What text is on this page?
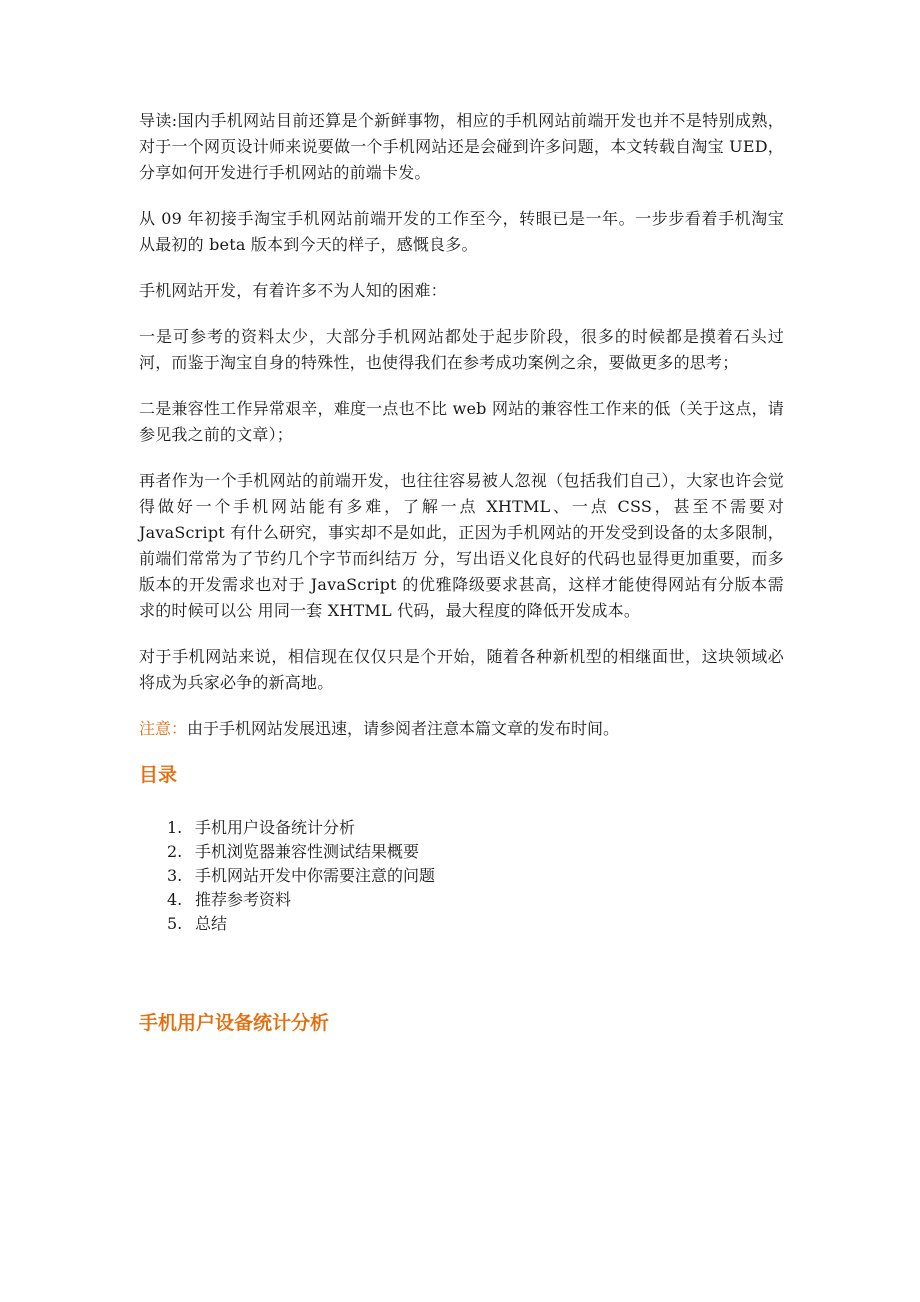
导读:国内手机网站目前还算是个新鲜事物，相应的手机网站前端开发也并不是特别成熟，对于一个网页设计师来说要做一个手机网站还是会碰到许多问题，本文转载自淘宝 UED，分享如何开发进行手机网站的前端卡发。

从 09 年初接手淘宝手机网站前端开发的工作至今，转眼已是一年。一步步看着手机淘宝从最初的 beta 版本到今天的样子，感慨良多。

手机网站开发，有着许多不为人知的困难：

一是可参考的资料太少，大部分手机网站都处于起步阶段，很多的时候都是摸着石头过河，而鉴于淘宝自身的特殊性，也使得我们在参考成功案例之余，要做更多的思考；

二是兼容性工作异常艰辛，难度一点也不比 web 网站的兼容性工作来的低（关于这点，请参见我之前的文章）；

再者作为一个手机网站的前端开发，也往往容易被人忽视（包括我们自己），大家也许会觉得做好一个手机网站能有多难，了解一点 XHTML、一点 CSS，甚至不需要对 JavaScript 有什么研究，事实却不是如此，正因为手机网站的开发受到设备的太多限制，前端们常常为了节约几个字节而纠结万 分，写出语义化良好的代码也显得更加重要，而多版本的开发需求也对于 JavaScript 的优雅降级要求甚高，这样才能使得网站有分版本需求的时候可以公 用同一套 XHTML 代码，最大程度的降低开发成本。

对于手机网站来说，相信现在仅仅只是个开始，随着各种新机型的相继面世，这块领域必将成为兵家必争的新高地。

注意：由于手机网站发展迅速，请参阅者注意本篇文章的发布时间。

目录
1. 手机用户设备统计分析
2. 手机浏览器兼容性测试结果概要
3. 手机网站开发中你需要注意的问题
4. 推荐参考资料
5. 总结
手机用户设备统计分析
